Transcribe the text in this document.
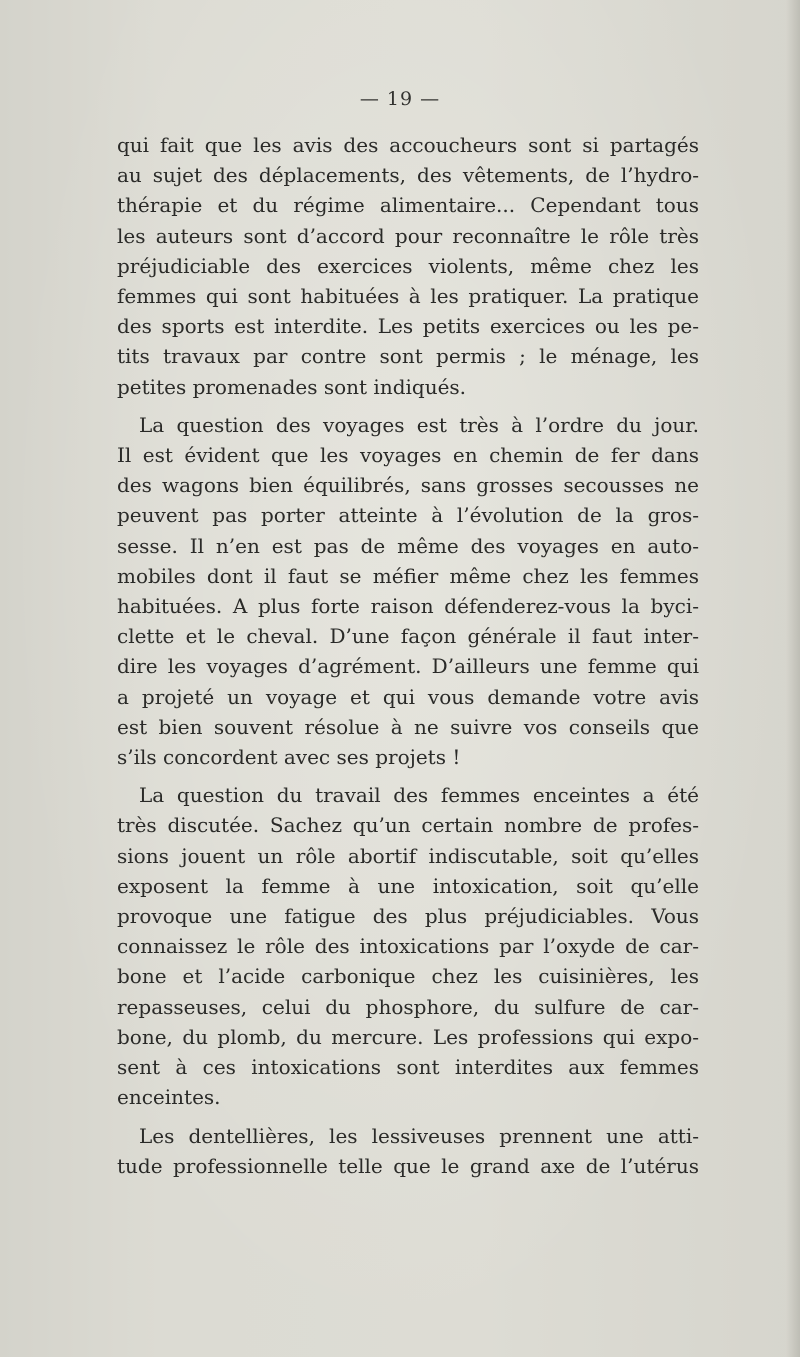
— 19 —

qui fait que les avis des accoucheurs sont si partagés
au sujet des déplacements, des vêtements, de l’hydro-
thérapie et du régime alimentaire... Cependant tous
les auteurs sont d’accord pour reconnaître le rôle très
préjudiciable des exercices violents, même chez les
femmes qui sont habituées à les pratiquer. La pratique
des sports est interdite. Les petits exercices ou les pe-
tits travaux par contre sont permis ; le ménage, les
petites promenades sont indiqués.

La question des voyages est très à l’ordre du jour.
Il est évident que les voyages en chemin de fer dans
des wagons bien équilibrés, sans grosses secousses ne
peuvent pas porter atteinte à l’évolution de la gros-
sesse. Il n’en est pas de même des voyages en auto-
mobiles dont il faut se méfier même chez les femmes
habituées. A plus forte raison défenderez-vous la byci-
clette et le cheval. D’une façon générale il faut inter-
dire les voyages d’agrément. D’ailleurs une femme qui
a projeté un voyage et qui vous demande votre avis
est bien souvent résolue à ne suivre vos conseils que
s’ils concordent avec ses projets !

La question du travail des femmes enceintes a été
très discutée. Sachez qu’un certain nombre de profes-
sions jouent un rôle abortif indiscutable, soit qu’elles
exposent la femme à une intoxication, soit qu’elle
provoque une fatigue des plus préjudiciables. Vous
connaissez le rôle des intoxications par l’oxyde de car-
bone et l’acide carbonique chez les cuisinières, les
repasseuses, celui du phosphore, du sulfure de car-
bone, du plomb, du mercure. Les professions qui expo-
sent à ces intoxications sont interdites aux femmes
enceintes.

Les dentellières, les lessiveuses prennent une atti-
tude professionnelle telle que le grand axe de l’utérus
